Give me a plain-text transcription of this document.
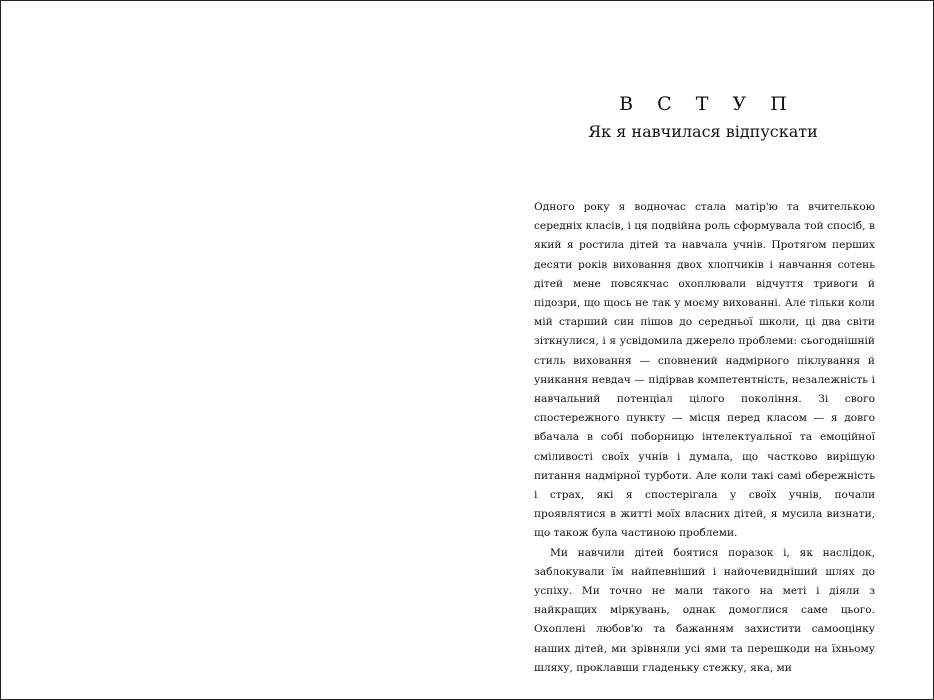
В С Т У П
Як я навчилася відпускати

Одного року я водночас стала матір'ю та вчителькою середніх класів, і ця подвійна роль сформувала той спосіб, в який я ростила дітей та навчала учнів. Протягом перших десяти років виховання двох хлопчиків і навчання сотень дітей мене повсякчас охоплювали відчуття тривоги й підозри, що щось не так у моєму вихованні. Але тільки коли мій старший син пішов до середньої школи, ці два світи зіткнулися, і я усвідомила джерело проблеми: сьогоднішній стиль виховання — сповнений надмірного піклування й уникання невдач — підірвав компетентність, незалежність і навчальний потенціал цілого покоління. Зі свого спостережного пункту — місця перед класом — я довго вбачала в собі поборницю інтелектуальної та емоційної сміливості своїх учнів і думала, що частково вирішую питання надмірної турботи. Але коли такі самі обережність і страх, які я спостерігала у своїх учнів, почали проявлятися в житті моїх власних дітей, я мусила визнати, що також була частиною проблеми.

Ми навчили дітей боятися поразок і, як наслідок, заблокували їм найпевніший і найочевидніший шлях до успіху. Ми точно не мали такого на меті і діяли з найкращих міркувань, однак домоглися саме цього. Охоплені любов'ю та бажанням захистити самооцінку наших дітей, ми зрівняли усі ями та перешкоди на їхньому шляху, проклавши гладеньку стежку, яка, ми
